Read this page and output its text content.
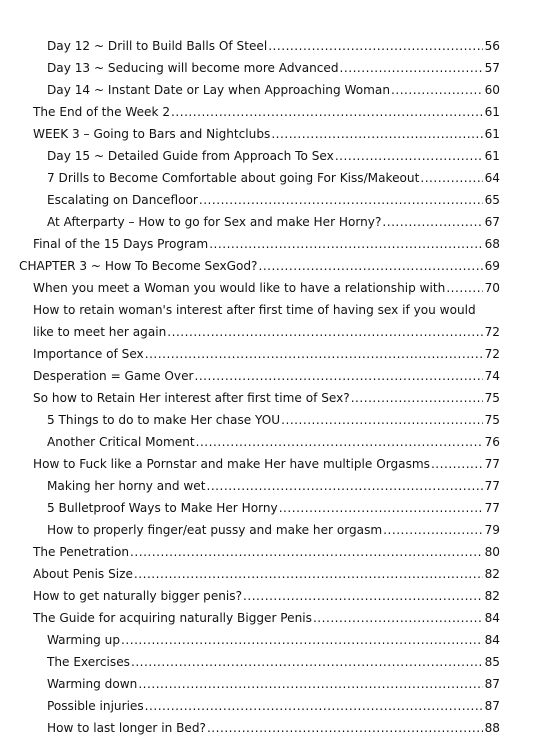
Day 12 ~ Drill to Build Balls Of Steel .....	56
Day 13 ~ Seducing will become more Advanced .....	57
Day 14 ~ Instant Date or Lay when Approaching Woman .....	60
The End of the Week 2 .....	61
WEEK 3 – Going to Bars and Nightclubs .....	61
Day 15 ~ Detailed Guide from Approach To Sex .....	61
7 Drills to Become Comfortable about going For Kiss/Makeout .....	64
Escalating on Dancefloor .....	65
At Afterparty – How to go for Sex and make Her Horny? .....	67
Final of the 15 Days Program .....	68
CHAPTER 3 ~ How To Become SexGod? .....	69
When you meet a Woman you would like to have a relationship with .....	70
How to retain woman's interest after first time of having sex if you would
like to meet her again .....	72
Importance of Sex .....	72
Desperation = Game Over .....	74
So how to Retain Her interest after first time of Sex? .....	75
5 Things to do to make Her chase YOU .....	75
Another Critical Moment .....	76
How to Fuck like a Pornstar and make Her have multiple Orgasms .....	77
Making her horny and wet .....	77
5 Bulletproof Ways to Make Her Horny .....	77
How to properly finger/eat pussy and make her orgasm .....	79
The Penetration .....	80
About Penis Size .....	82
How to get naturally bigger penis? .....	82
The Guide for acquiring naturally Bigger Penis .....	84
Warming up .....	84
The Exercises .....	85
Warming down .....	87
Possible injuries .....	87
How to last longer in Bed? .....	88
